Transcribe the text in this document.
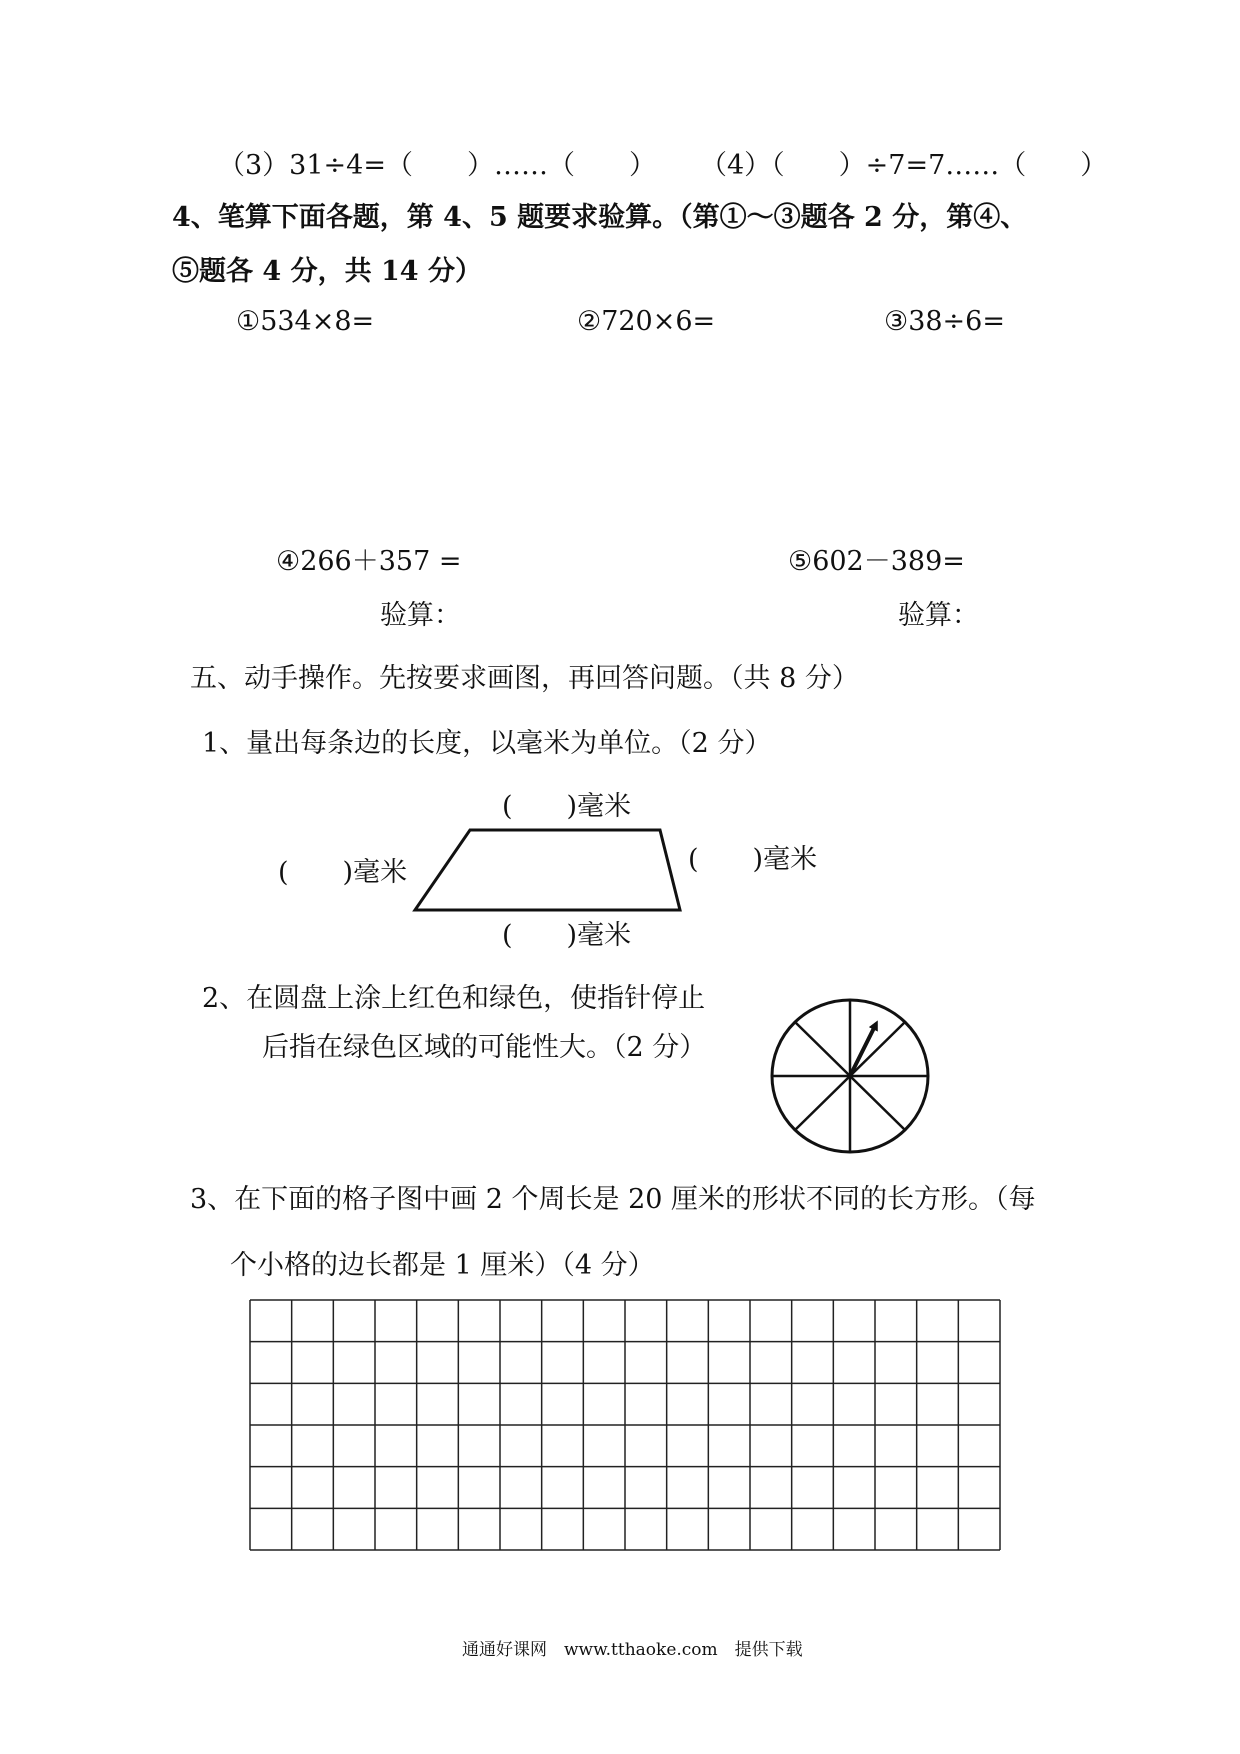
（3）31÷4=（　　）……（　　） （4）（　　）÷7=7……（　　）
4、笔算下面各题，第 4、5 题要求验算。（第①～③题各 2 分，第④、
⑤题各 4 分，共 14 分）
①534×8=	②720×6=	③38÷6=
④266＋357 =	⑤602－389=
验算：	验算：
五、动手操作。先按要求画图，再回答问题。（共 8 分）
1、量出每条边的长度，以毫米为单位。（2 分）
(　　)毫米
(　　)毫米	(　　)毫米
(　　)毫米
2、在圆盘上涂上红色和绿色，使指针停止
后指在绿色区域的可能性大。（2 分）
3、在下面的格子图中画 2 个周长是 20 厘米的形状不同的长方形。（每
个小格的边长都是 1 厘米）（4 分）
通通好课网　www.tthaoke.com　提供下载
